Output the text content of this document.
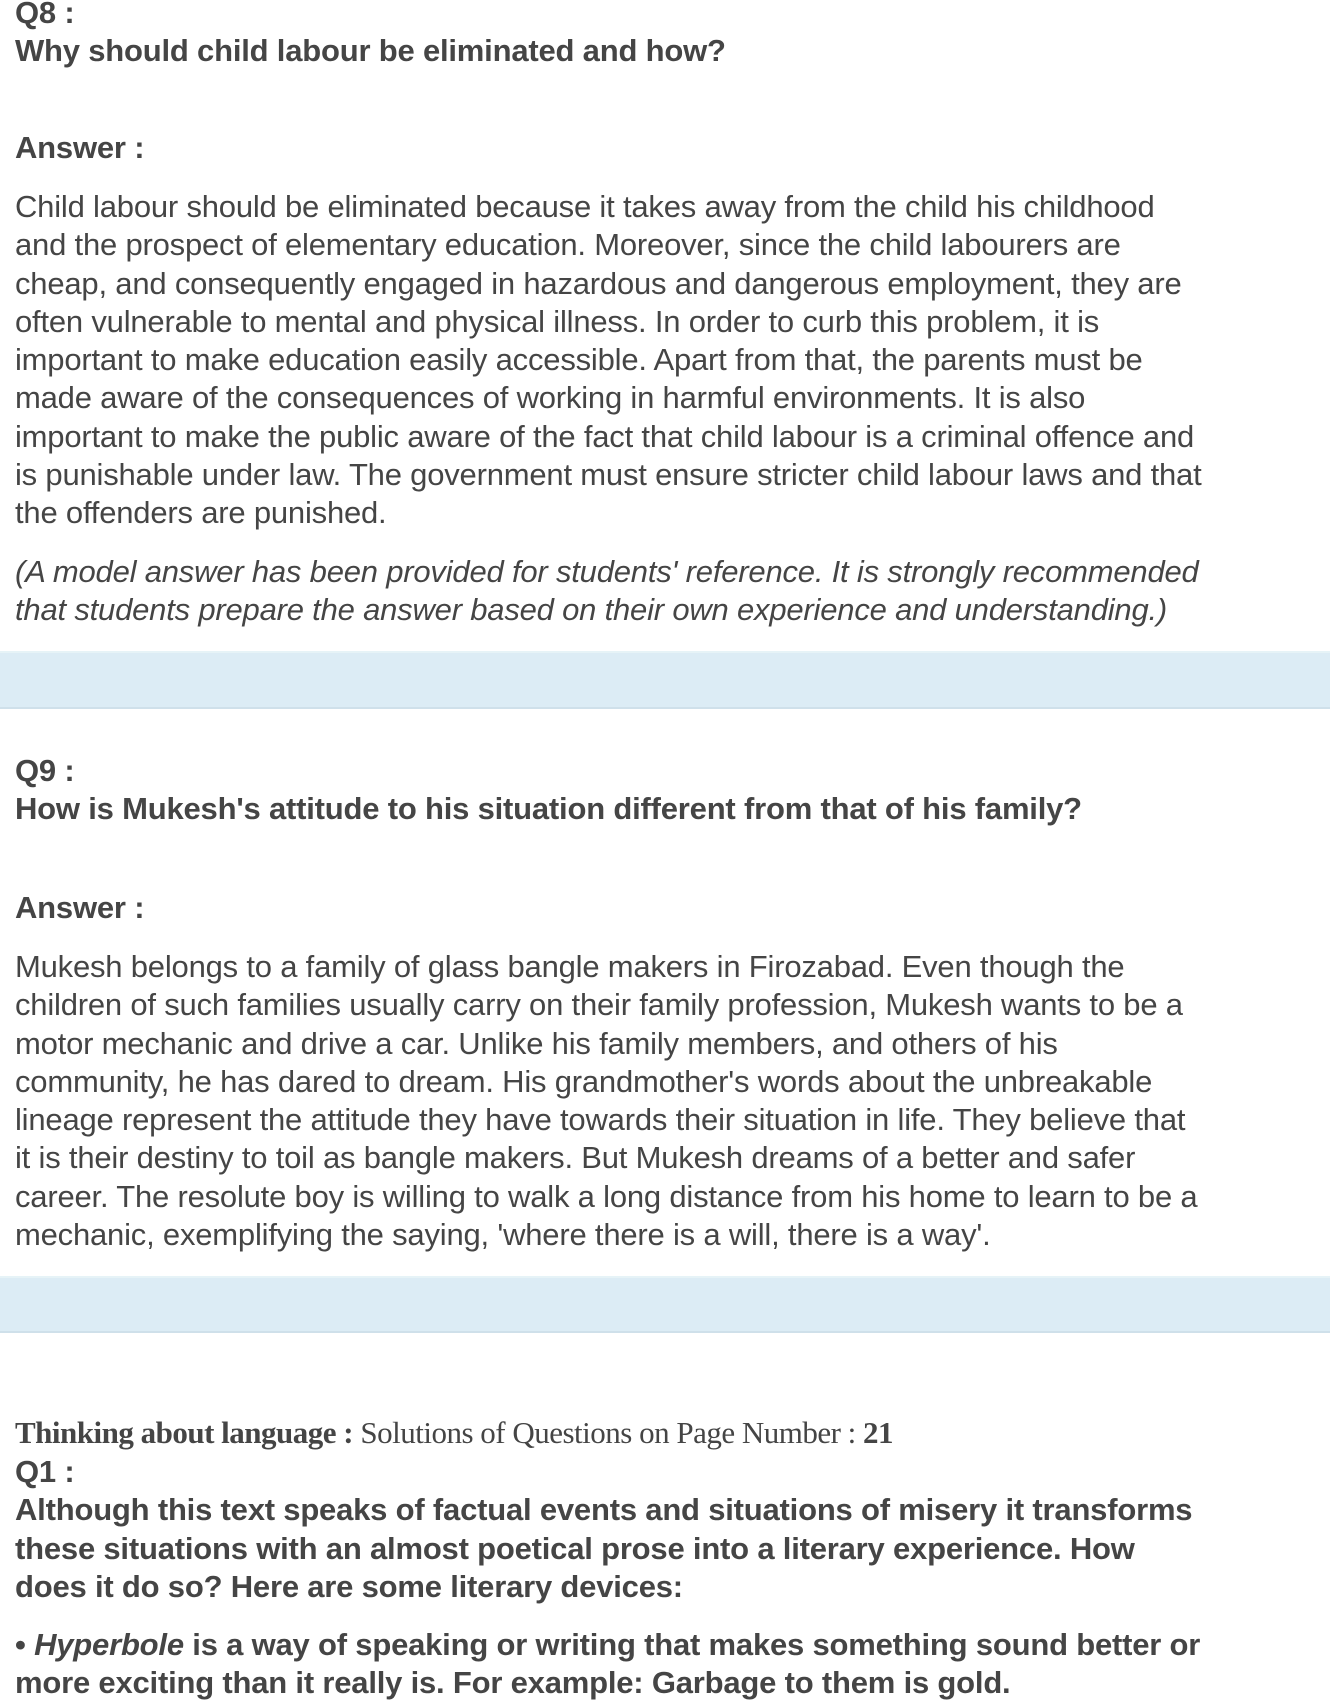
Q8 :
Why should child labour be eliminated and how?
Answer :
Child labour should be eliminated because it takes away from the child his childhood
and the prospect of elementary education. Moreover, since the child labourers are
cheap, and consequently engaged in hazardous and dangerous employment, they are
often vulnerable to mental and physical illness. In order to curb this problem, it is
important to make education easily accessible. Apart from that, the parents must be
made aware of the consequences of working in harmful environments. It is also
important to make the public aware of the fact that child labour is a criminal offence and
is punishable under law. The government must ensure stricter child labour laws and that
the offenders are punished.
(A model answer has been provided for students' reference. It is strongly recommended
that students prepare the answer based on their own experience and understanding.)
Q9 :
How is Mukesh's attitude to his situation different from that of his family?
Answer :
Mukesh belongs to a family of glass bangle makers in Firozabad. Even though the
children of such families usually carry on their family profession, Mukesh wants to be a
motor mechanic and drive a car. Unlike his family members, and others of his
community, he has dared to dream. His grandmother's words about the unbreakable
lineage represent the attitude they have towards their situation in life. They believe that
it is their destiny to toil as bangle makers. But Mukesh dreams of a better and safer
career. The resolute boy is willing to walk a long distance from his home to learn to be a
mechanic, exemplifying the saying, 'where there is a will, there is a way'.
Thinking about language : Solutions of Questions on Page Number : 21
Q1 :
Although this text speaks of factual events and situations of misery it transforms
these situations with an almost poetical prose into a literary experience. How
does it do so? Here are some literary devices:
• Hyperbole is a way of speaking or writing that makes something sound better or
more exciting than it really is. For example: Garbage to them is gold.
